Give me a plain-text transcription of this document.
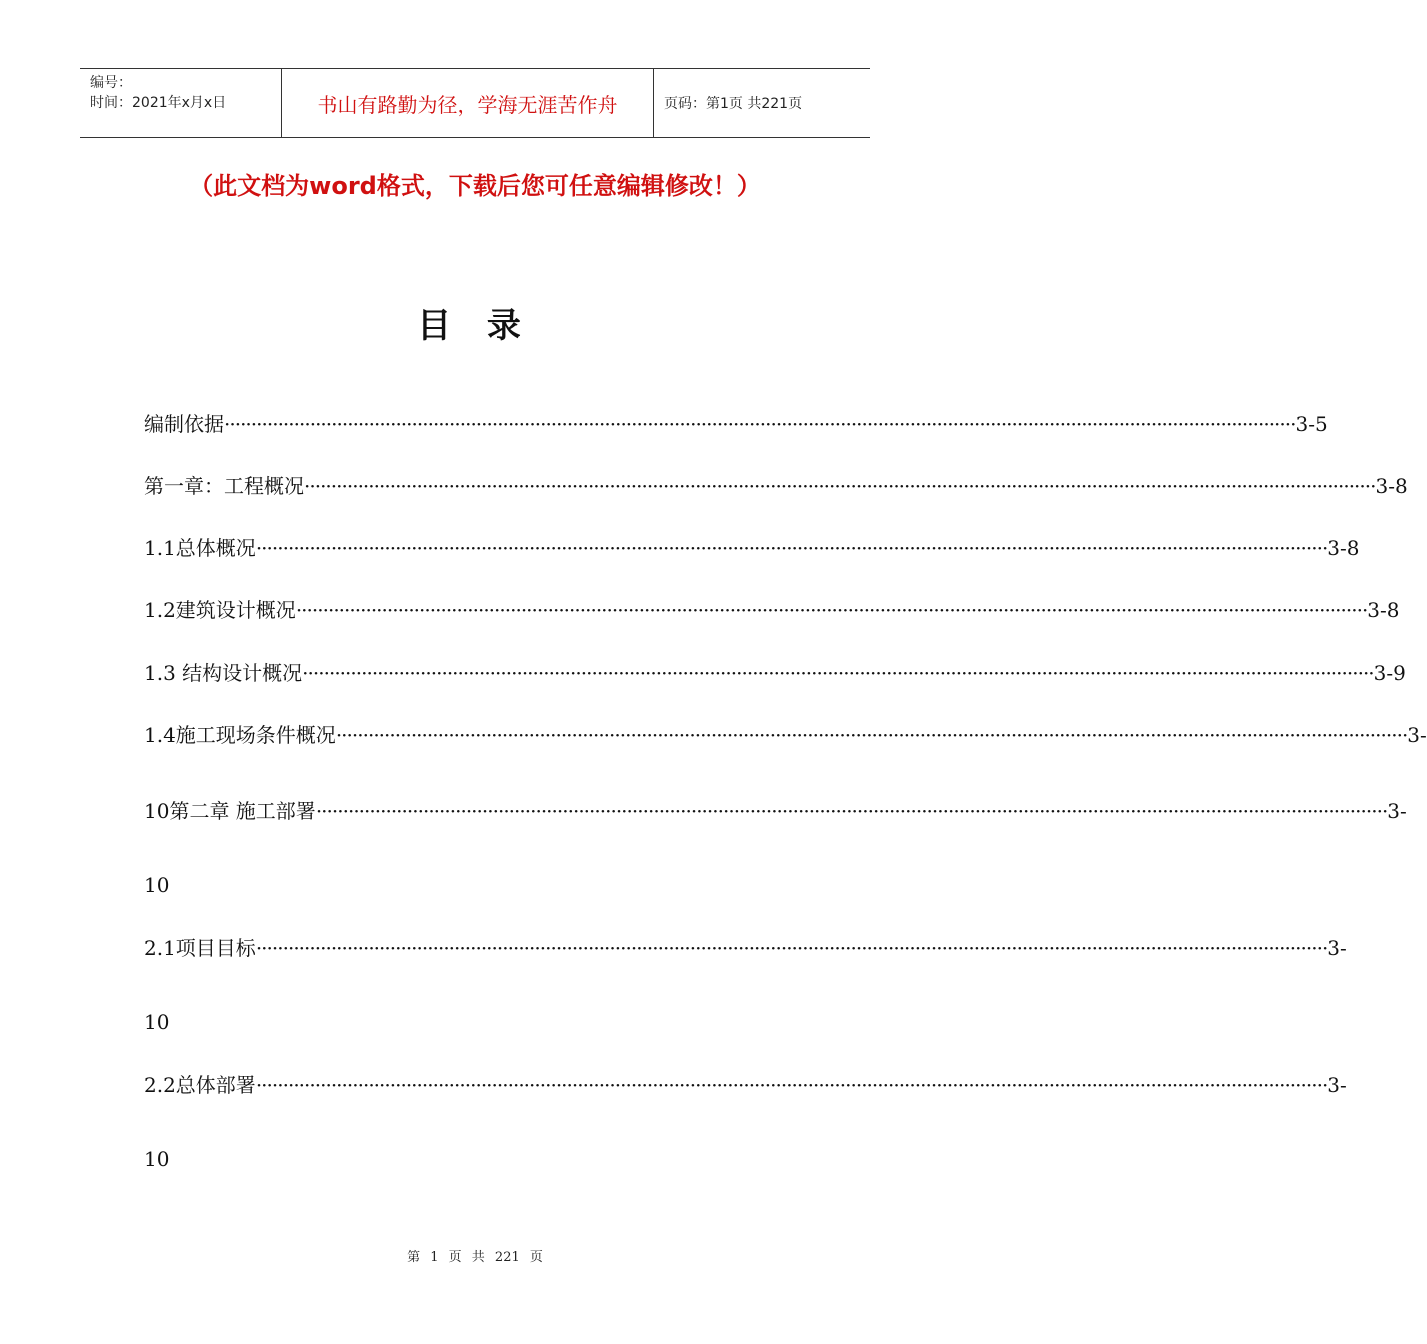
编号：
时间：2021年x月x日	书山有路勤为径，学海无涯苦作舟	页码：第1页 共221页
（此文档为word格式，下载后您可任意编辑修改！）
目 录
编制依据 ········································································································································································································ 3-5
第一章：工程概况 ········································································································································································································ 3-8
1.1总体概况 ········································································································································································································ 3-8
1.2建筑设计概况 ········································································································································································································ 3-8
1.3 结构设计概况 ········································································································································································································ 3-9
1.4施工现场条件概况 ········································································································································································································ 3-
10第二章 施工部署 ········································································································································································································ 3-
10
2.1项目目标 ········································································································································································································ 3-
10
2.2总体部署 ········································································································································································································ 3-
10
第 1 页 共 221 页
